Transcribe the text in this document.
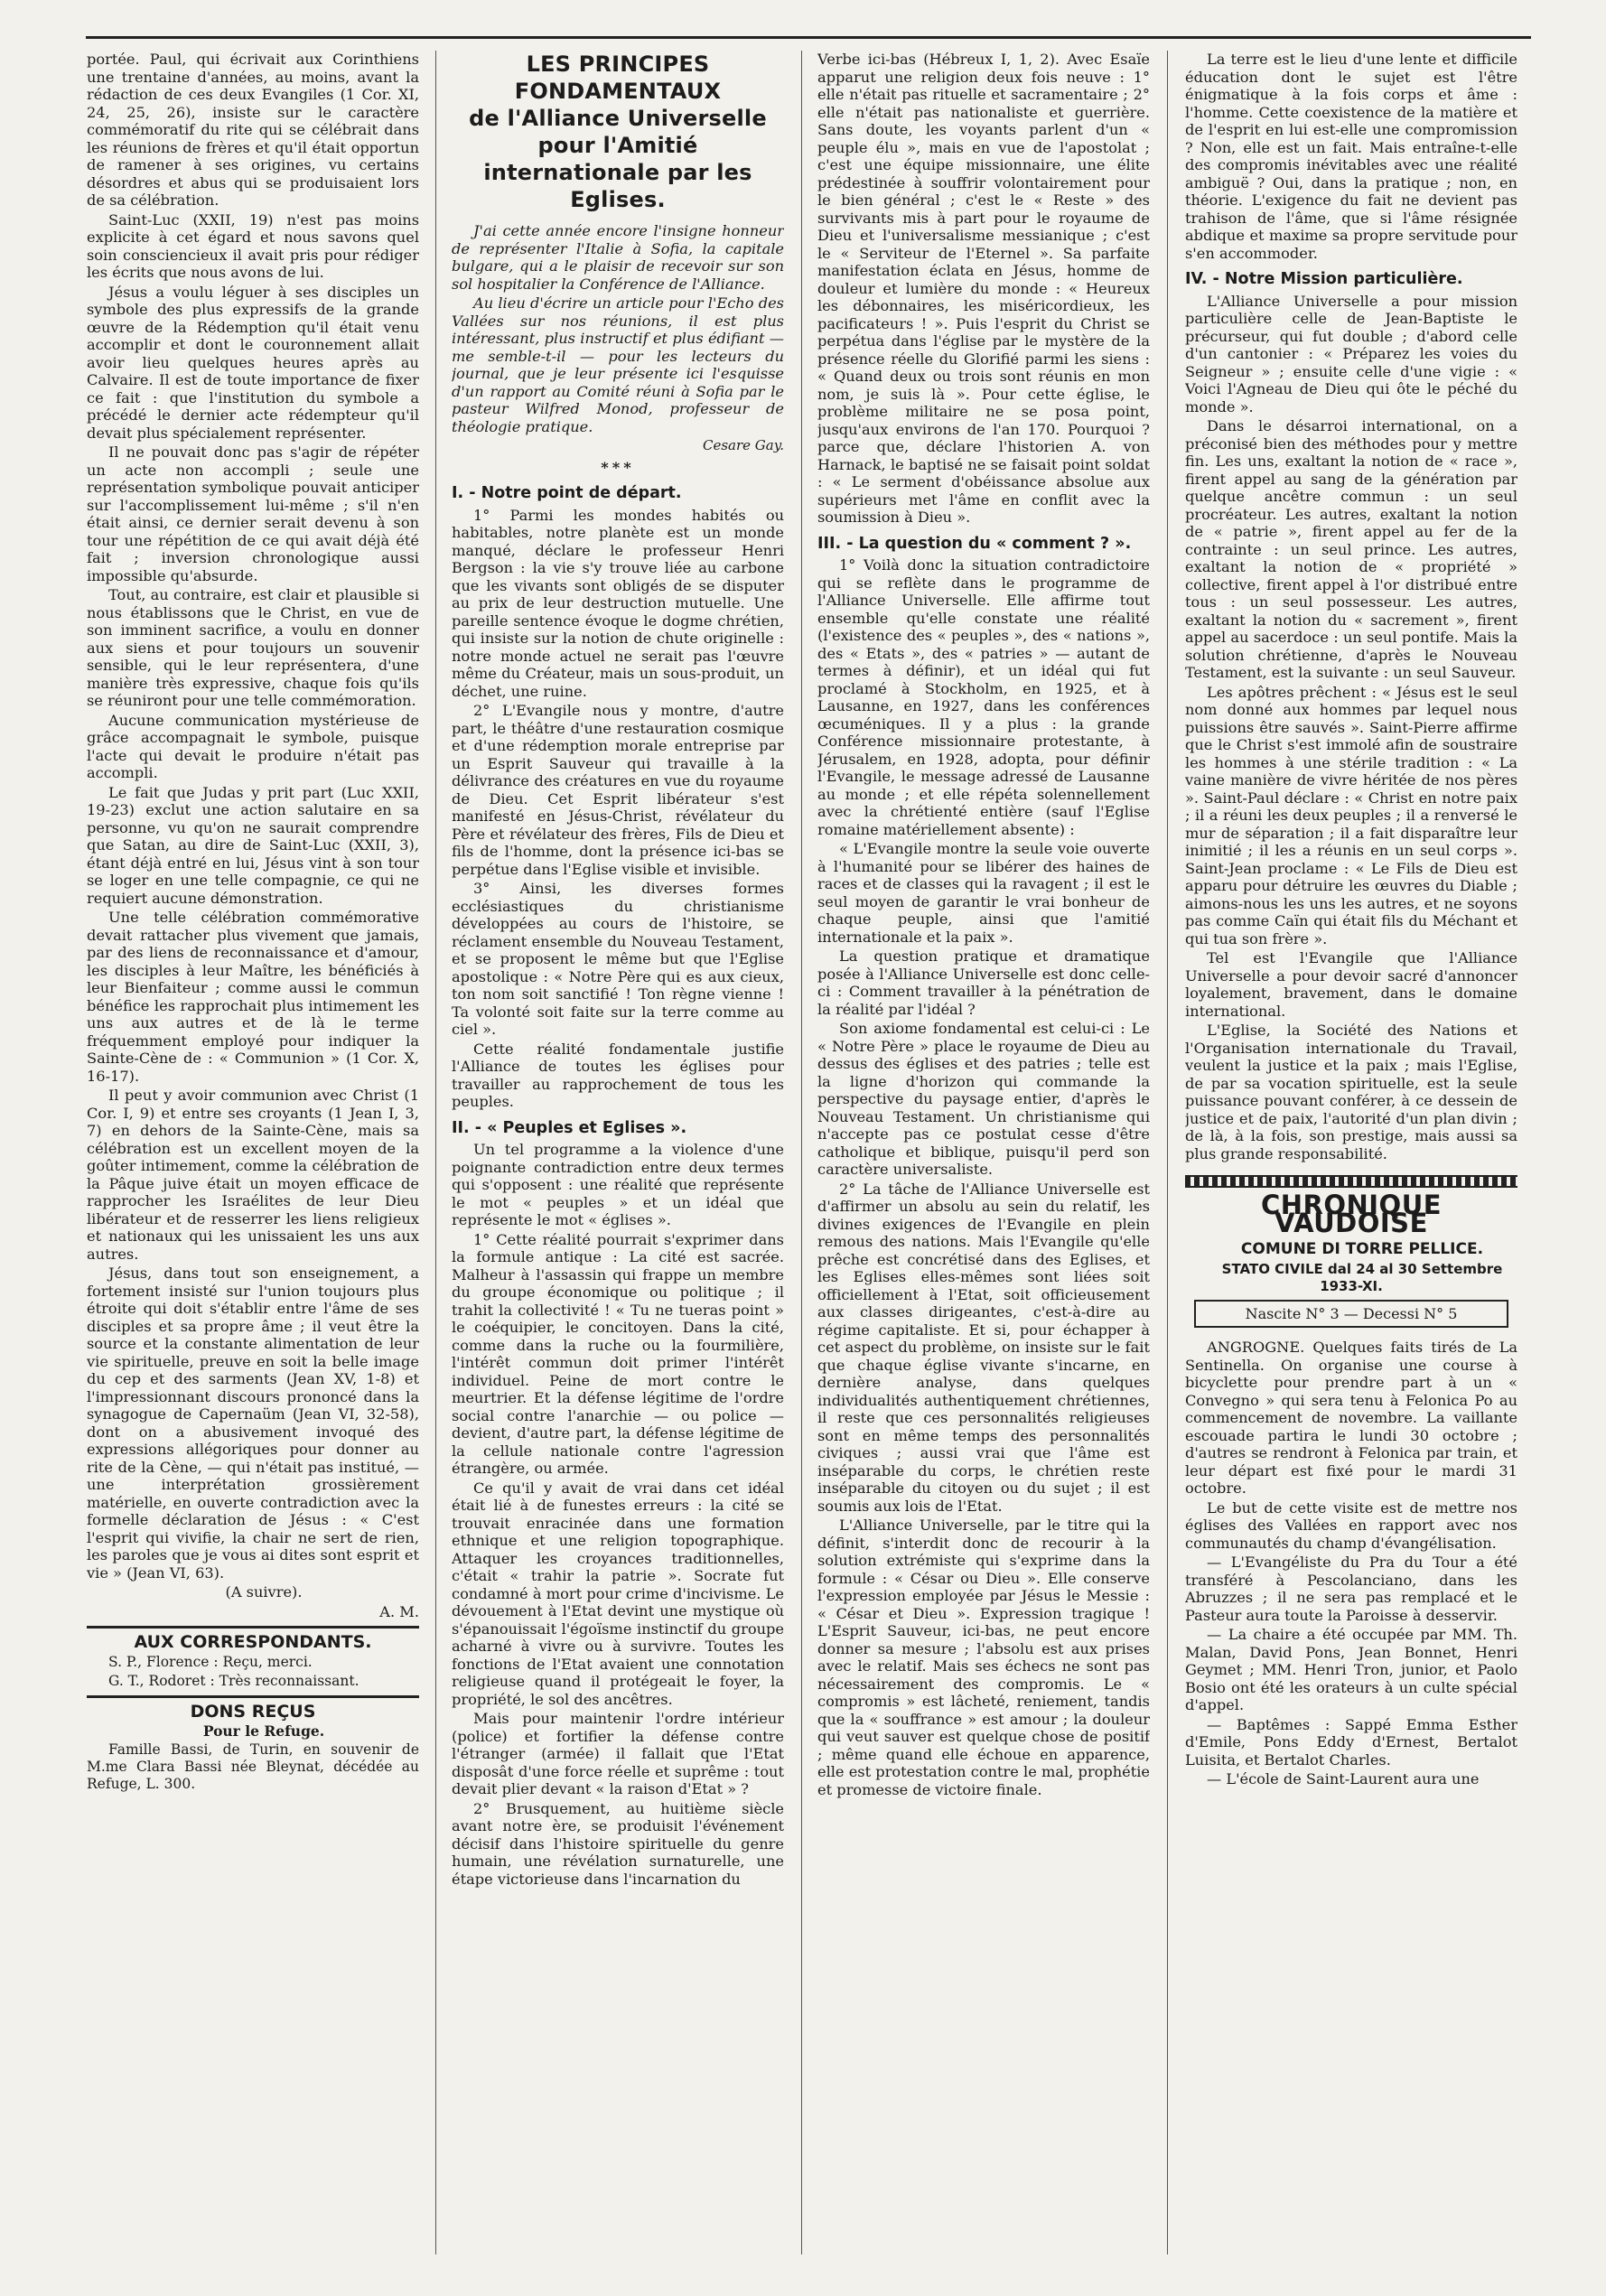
portée. Paul, qui écrivait aux Corinthiens une trentaine d'années, au moins, avant la rédaction de ces deux Evangiles (1 Cor. XI, 24, 25, 26), insiste sur le caractère commémoratif du rite qui se célébrait dans les réunions de frères et qu'il était opportun de ramener à ses origines, vu certains désordres et abus qui se produisaient lors de sa célébration.

Saint-Luc (XXII, 19) n'est pas moins explicite à cet égard et nous savons quel soin consciencieux il avait pris pour rédiger les écrits que nous avons de lui.

Jésus a voulu léguer à ses disciples un symbole des plus expressifs de la grande œuvre de la Rédemption qu'il était venu accomplir et dont le couronnement allait avoir lieu quelques heures après au Calvaire. Il est de toute importance de fixer ce fait : que l'institution du symbole a précédé le dernier acte rédempteur qu'il devait plus spécialement représenter.

Il ne pouvait donc pas s'agir de répéter un acte non accompli ; seule une représentation symbolique pouvait anticiper sur l'accomplissement lui-même ; s'il n'en était ainsi, ce dernier serait devenu à son tour une répétition de ce qui avait déjà été fait ; inversion chronologique aussi impossible qu'absurde.

Tout, au contraire, est clair et plausible si nous établissons que le Christ, en vue de son imminent sacrifice, a voulu en donner aux siens et pour toujours un souvenir sensible, qui le leur représentera, d'une manière très expressive, chaque fois qu'ils se réuniront pour une telle commémoration.

Aucune communication mystérieuse de grâce accompagnait le symbole, puisque l'acte qui devait le produire n'était pas accompli.

Le fait que Judas y prit part (Luc XXII, 19-23) exclut une action salutaire en sa personne, vu qu'on ne saurait comprendre que Satan, au dire de Saint-Luc (XXII, 3), étant déjà entré en lui, Jésus vint à son tour se loger en une telle compagnie, ce qui ne requiert aucune démonstration.

Une telle célébration commémorative devait rattacher plus vivement que jamais, par des liens de reconnaissance et d'amour, les disciples à leur Maître, les bénéficiés à leur Bienfaiteur ; comme aussi le commun bénéfice les rapprochait plus intimement les uns aux autres et de là le terme fréquemment employé pour indiquer la Sainte-Cène de : « Communion » (1 Cor. X, 16-17).

Il peut y avoir communion avec Christ (1 Cor. I, 9) et entre ses croyants (1 Jean I, 3, 7) en dehors de la Sainte-Cène, mais sa célébration est un excellent moyen de la goûter intimement, comme la célébration de la Pâque juive était un moyen efficace de rapprocher les Israélites de leur Dieu libérateur et de resserrer les liens religieux et nationaux qui les unissaient les uns aux autres.

Jésus, dans tout son enseignement, a fortement insisté sur l'union toujours plus étroite qui doit s'établir entre l'âme de ses disciples et sa propre âme ; il veut être la source et la constante alimentation de leur vie spirituelle, preuve en soit la belle image du cep et des sarments (Jean XV, 1-8) et l'impressionnant discours prononcé dans la synagogue de Capernaüm (Jean VI, 32-58), dont on a abusivement invoqué des expressions allégoriques pour donner au rite de la Cène, — qui n'était pas institué, — une interprétation grossièrement matérielle, en ouverte contradiction avec la formelle déclaration de Jésus : « C'est l'esprit qui vivifie, la chair ne sert de rien, les paroles que je vous ai dites sont esprit et vie » (Jean VI, 63).

(A suivre).

A. M.

AUX CORRESPONDANTS.

S. P., Florence : Reçu, merci.

G. T., Rodoret : Très reconnaissant.

DONS REÇUS

Pour le Refuge.

Famille Bassi, de Turin, en souvenir de M.me Clara Bassi née Bleynat, décédée au Refuge, L. 300.

LES PRINCIPES FONDAMENTAUX
de l'Alliance Universelle
pour l'Amitié internationale par les Eglises.

J'ai cette année encore l'insigne honneur de représenter l'Italie à Sofia, la capitale bulgare, qui a le plaisir de recevoir sur son sol hospitalier la Conférence de l'Alliance.

Au lieu d'écrire un article pour l'Echo des Vallées sur nos réunions, il est plus intéressant, plus instructif et plus édifiant — me semble-t-il — pour les lecteurs du journal, que je leur présente ici l'esquisse d'un rapport au Comité réuni à Sofia par le pasteur Wilfred Monod, professeur de théologie pratique.

Cesare Gay.

***
I. - Notre point de départ.

1° Parmi les mondes habités ou habitables, notre planète est un monde manqué, déclare le professeur Henri Bergson : la vie s'y trouve liée au carbone que les vivants sont obligés de se disputer au prix de leur destruction mutuelle. Une pareille sentence évoque le dogme chrétien, qui insiste sur la notion de chute originelle : notre monde actuel ne serait pas l'œuvre même du Créateur, mais un sous-produit, un déchet, une ruine.

2° L'Evangile nous y montre, d'autre part, le théâtre d'une restauration cosmique et d'une rédemption morale entreprise par un Esprit Sauveur qui travaille à la délivrance des créatures en vue du royaume de Dieu. Cet Esprit libérateur s'est manifesté en Jésus-Christ, révélateur du Père et révélateur des frères, Fils de Dieu et fils de l'homme, dont la présence ici-bas se perpétue dans l'Eglise visible et invisible.

3° Ainsi, les diverses formes ecclésiastiques du christianisme développées au cours de l'histoire, se réclament ensemble du Nouveau Testament, et se proposent le même but que l'Eglise apostolique : « Notre Père qui es aux cieux, ton nom soit sanctifié ! Ton règne vienne ! Ta volonté soit faite sur la terre comme au ciel ».

Cette réalité fondamentale justifie l'Alliance de toutes les églises pour travailler au rapprochement de tous les peuples.

II. - « Peuples et Eglises ».

Un tel programme a la violence d'une poignante contradiction entre deux termes qui s'opposent : une réalité que représente le mot « peuples » et un idéal que représente le mot « églises ».

1° Cette réalité pourrait s'exprimer dans la formule antique : La cité est sacrée. Malheur à l'assassin qui frappe un membre du groupe économique ou politique ; il trahit la collectivité ! « Tu ne tueras point » le coéquipier, le concitoyen. Dans la cité, comme dans la ruche ou la fourmilière, l'intérêt commun doit primer l'intérêt individuel. Peine de mort contre le meurtrier. Et la défense légitime de l'ordre social contre l'anarchie — ou police — devient, d'autre part, la défense légitime de la cellule nationale contre l'agression étrangère, ou armée.

Ce qu'il y avait de vrai dans cet idéal était lié à de funestes erreurs : la cité se trouvait enracinée dans une formation ethnique et une religion topographique. Attaquer les croyances traditionnelles, c'était « trahir la patrie ». Socrate fut condamné à mort pour crime d'incivisme. Le dévouement à l'Etat devint une mystique où s'épanouissait l'égoïsme instinctif du groupe acharné à vivre ou à survivre. Toutes les fonctions de l'Etat avaient une connotation religieuse quand il protégeait le foyer, la propriété, le sol des ancêtres.

Mais pour maintenir l'ordre intérieur (police) et fortifier la défense contre l'étranger (armée) il fallait que l'Etat disposât d'une force réelle et suprême : tout devait plier devant « la raison d'Etat » ?

2° Brusquement, au huitième siècle avant notre ère, se produisit l'événement décisif dans l'histoire spirituelle du genre humain, une révélation surnaturelle, une étape victorieuse dans l'incarnation du

Verbe ici-bas (Hébreux I, 1, 2). Avec Esaïe apparut une religion deux fois neuve : 1° elle n'était pas rituelle et sacramentaire ; 2° elle n'était pas nationaliste et guerrière. Sans doute, les voyants parlent d'un « peuple élu », mais en vue de l'apostolat ; c'est une équipe missionnaire, une élite prédestinée à souffrir volontairement pour le bien général ; c'est le « Reste » des survivants mis à part pour le royaume de Dieu et l'universalisme messianique ; c'est le « Serviteur de l'Eternel ». Sa parfaite manifestation éclata en Jésus, homme de douleur et lumière du monde : « Heureux les débonnaires, les miséricordieux, les pacificateurs ! ». Puis l'esprit du Christ se perpétua dans l'église par le mystère de la présence réelle du Glorifié parmi les siens : « Quand deux ou trois sont réunis en mon nom, je suis là ». Pour cette église, le problème militaire ne se posa point, jusqu'aux environs de l'an 170. Pourquoi ? parce que, déclare l'historien A. von Harnack, le baptisé ne se faisait point soldat : « Le serment d'obéissance absolue aux supérieurs met l'âme en conflit avec la soumission à Dieu ».

III. - La question du « comment ? ».

1° Voilà donc la situation contradictoire qui se reflète dans le programme de l'Alliance Universelle. Elle affirme tout ensemble qu'elle constate une réalité (l'existence des « peuples », des « nations », des « Etats », des « patries » — autant de termes à définir), et un idéal qui fut proclamé à Stockholm, en 1925, et à Lausanne, en 1927, dans les conférences œcuméniques. Il y a plus : la grande Conférence missionnaire protestante, à Jérusalem, en 1928, adopta, pour définir l'Evangile, le message adressé de Lausanne au monde ; et elle répéta solennellement avec la chrétienté entière (sauf l'Eglise romaine matériellement absente) :

« L'Evangile montre la seule voie ouverte à l'humanité pour se libérer des haines de races et de classes qui la ravagent ; il est le seul moyen de garantir le vrai bonheur de chaque peuple, ainsi que l'amitié internationale et la paix ».

La question pratique et dramatique posée à l'Alliance Universelle est donc celle-ci : Comment travailler à la pénétration de la réalité par l'idéal ?

Son axiome fondamental est celui-ci : Le « Notre Père » place le royaume de Dieu au dessus des églises et des patries ; telle est la ligne d'horizon qui commande la perspective du paysage entier, d'après le Nouveau Testament. Un christianisme qui n'accepte pas ce postulat cesse d'être catholique et biblique, puisqu'il perd son caractère universaliste.

2° La tâche de l'Alliance Universelle est d'affirmer un absolu au sein du relatif, les divines exigences de l'Evangile en plein remous des nations. Mais l'Evangile qu'elle prêche est concrétisé dans des Eglises, et les Eglises elles-mêmes sont liées soit officiellement à l'Etat, soit officieusement aux classes dirigeantes, c'est-à-dire au régime capitaliste. Et si, pour échapper à cet aspect du problème, on insiste sur le fait que chaque église vivante s'incarne, en dernière analyse, dans quelques individualités authentiquement chrétiennes, il reste que ces personnalités religieuses sont en même temps des personnalités civiques ; aussi vrai que l'âme est inséparable du corps, le chrétien reste inséparable du citoyen ou du sujet ; il est soumis aux lois de l'Etat.

L'Alliance Universelle, par le titre qui la définit, s'interdit donc de recourir à la solution extrémiste qui s'exprime dans la formule : « César ou Dieu ». Elle conserve l'expression employée par Jésus le Messie : « César et Dieu ». Expression tragique ! L'Esprit Sauveur, ici-bas, ne peut encore donner sa mesure ; l'absolu est aux prises avec le relatif. Mais ses échecs ne sont pas nécessairement des compromis. Le « compromis » est lâcheté, reniement, tandis que la « souffrance » est amour ; la douleur qui veut sauver est quelque chose de positif ; même quand elle échoue en apparence, elle est protestation contre le mal, prophétie et promesse de victoire finale.

La terre est le lieu d'une lente et difficile éducation dont le sujet est l'être énigmatique à la fois corps et âme : l'homme. Cette coexistence de la matière et de l'esprit en lui est-elle une compromission ? Non, elle est un fait. Mais entraîne-t-elle des compromis inévitables avec une réalité ambiguë ? Oui, dans la pratique ; non, en théorie. L'exigence du fait ne devient pas trahison de l'âme, que si l'âme résignée abdique et maxime sa propre servitude pour s'en accommoder.

IV. - Notre Mission particulière.

L'Alliance Universelle a pour mission particulière celle de Jean-Baptiste le précurseur, qui fut double ; d'abord celle d'un cantonier : « Préparez les voies du Seigneur » ; ensuite celle d'une vigie : « Voici l'Agneau de Dieu qui ôte le péché du monde ».

Dans le désarroi international, on a préconisé bien des méthodes pour y mettre fin. Les uns, exaltant la notion de « race », firent appel au sang de la génération par quelque ancêtre commun : un seul procréateur. Les autres, exaltant la notion de « patrie », firent appel au fer de la contrainte : un seul prince. Les autres, exaltant la notion de « propriété » collective, firent appel à l'or distribué entre tous : un seul possesseur. Les autres, exaltant la notion du « sacrement », firent appel au sacerdoce : un seul pontife. Mais la solution chrétienne, d'après le Nouveau Testament, est la suivante : un seul Sauveur.

Les apôtres prêchent : « Jésus est le seul nom donné aux hommes par lequel nous puissions être sauvés ». Saint-Pierre affirme que le Christ s'est immolé afin de soustraire les hommes à une stérile tradition : « La vaine manière de vivre héritée de nos pères ». Saint-Paul déclare : « Christ en notre paix ; il a réuni les deux peuples ; il a renversé le mur de séparation ; il a fait disparaître leur inimitié ; il les a réunis en un seul corps ». Saint-Jean proclame : « Le Fils de Dieu est apparu pour détruire les œuvres du Diable ; aimons-nous les uns les autres, et ne soyons pas comme Caïn qui était fils du Méchant et qui tua son frère ».

Tel est l'Evangile que l'Alliance Universelle a pour devoir sacré d'annoncer loyalement, bravement, dans le domaine international.

L'Eglise, la Société des Nations et l'Organisation internationale du Travail, veulent la justice et la paix ; mais l'Eglise, de par sa vocation spirituelle, est la seule puissance pouvant conférer, à ce dessein de justice et de paix, l'autorité d'un plan divin ; de là, à la fois, son prestige, mais aussi sa plus grande responsabilité.

CHRONIQUE VAUDOISE

COMUNE DI TORRE PELLICE.

STATO CIVILE dal 24 al 30 Settembre 1933-XI.

Nascite N° 3 — Decessi N° 5

ANGROGNE. Quelques faits tirés de La Sentinella. On organise une course à bicyclette pour prendre part à un « Convegno » qui sera tenu à Felonica Po au commencement de novembre. La vaillante escouade partira le lundi 30 octobre ; d'autres se rendront à Felonica par train, et leur départ est fixé pour le mardi 31 octobre.

Le but de cette visite est de mettre nos églises des Vallées en rapport avec nos communautés du champ d'évangélisation.

— L'Evangéliste du Pra du Tour a été transféré à Pescolanciano, dans les Abruzzes ; il ne sera pas remplacé et le Pasteur aura toute la Paroisse à desservir.

— La chaire a été occupée par MM. Th. Malan, David Pons, Jean Bonnet, Henri Geymet ; MM. Henri Tron, junior, et Paolo Bosio ont été les orateurs à un culte spécial d'appel.

— Baptêmes : Sappé Emma Esther d'Emile, Pons Eddy d'Ernest, Bertalot Luisita, et Bertalot Charles.

— L'école de Saint-Laurent aura une
